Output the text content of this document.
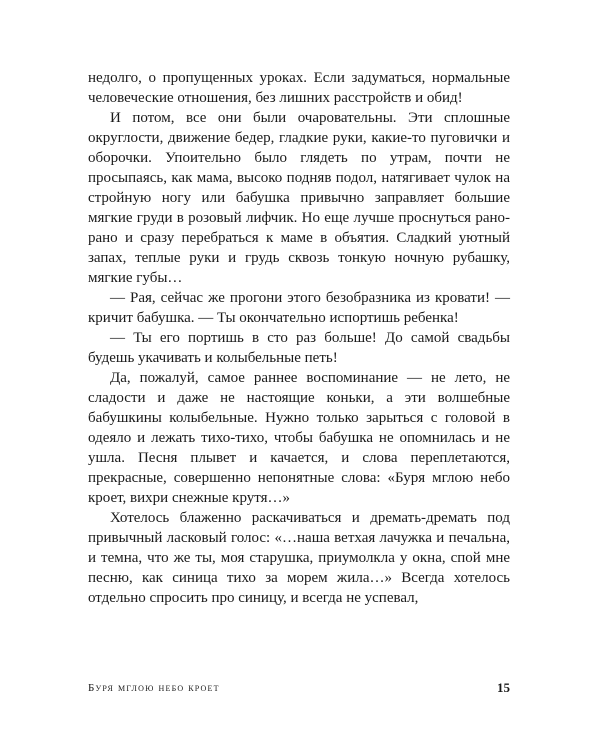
недолго, о пропущенных уроках. Если задуматься, нормальные человеческие отношения, без лишних расстройств и обид!

И потом, все они были очаровательны. Эти сплошные округлости, движение бедер, гладкие руки, какие-то пуговички и оборочки. Упоительно было глядеть по утрам, почти не просыпаясь, как мама, высоко подняв подол, натягивает чулок на стройную ногу или бабушка привычно заправляет большие мягкие груди в розовый лифчик. Но еще лучше проснуться рано-рано и сразу перебраться к маме в объятия. Сладкий уютный запах, теплые руки и грудь сквозь тонкую ночную рубашку, мягкие губы…

— Рая, сейчас же прогони этого безобразника из кровати! — кричит бабушка. — Ты окончательно испортишь ребенка!

— Ты его портишь в сто раз больше! До самой свадьбы будешь укачивать и колыбельные петь!

Да, пожалуй, самое раннее воспоминание — не лето, не сладости и даже не настоящие коньки, а эти волшебные бабушкины колыбельные. Нужно только зарыться с головой в одеяло и лежать тихо-тихо, чтобы бабушка не опомнилась и не ушла. Песня плывет и качается, и слова переплетаются, прекрасные, совершенно непонятные слова: «Буря мглою небо кроет, вихри снежные крутя…»

Хотелось блаженно раскачиваться и дремать-дремать под привычный ласковый голос: «…наша ветхая лачужка и печальна, и темна, что же ты, моя старушка, приумолкла у окна, спой мне песню, как синица тихо за морем жила…» Всегда хотелось отдельно спросить про синицу, и всегда не успевал,

Буря мглою небо кроет	15
